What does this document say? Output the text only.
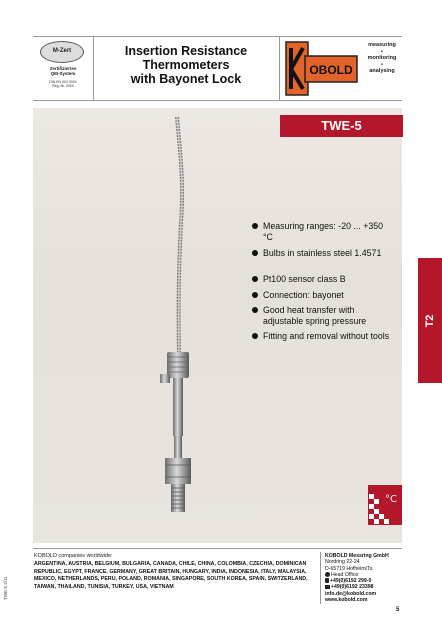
M-Zert
Zertifiziertes
QM-System
DIN EN ISO 9001
Reg.-Nr. 0000
Insertion Resistance
Thermometers
with Bayonet Lock
OBOLD
measuring
•
monitoring
•
analysing
TWE-5
Measuring ranges: -20 ... +350 °C
Bulbs in stainless steel 1.4571
Pt100 sensor class B
Connection: bayonet
Good heat transfer with adjustable spring pressure
Fitting and removal without tools
°C
T2
KOBOLD companies worldwide:
ARGENTINA, AUSTRIA, BELGIUM, BULGARIA, CANADA, CHILE, CHINA, COLOMBIA, CZECHIA, DOMINICAN REPUBLIC, EGYPT, FRANCE, GERMANY, GREAT BRITAIN, HUNGARY, INDIA, INDONESIA, ITALY, MALAYSIA, MEXICO, NETHERLANDS, PERU, POLAND, ROMANIA, SINGAPORE, SOUTH KOREA, SPAIN, SWITZERLAND, TAIWAN, THAILAND, TUNISIA, TURKEY, USA, VIETNAM
KOBOLD Messring GmbH
Nordring 22-24
D-65719 Hofheim/Ts.
Head Office:
+49(0)6192 299-0
+49(0)6192 23398
info.de@kobold.com
www.kobold.com
TWE-5 2/11
5
